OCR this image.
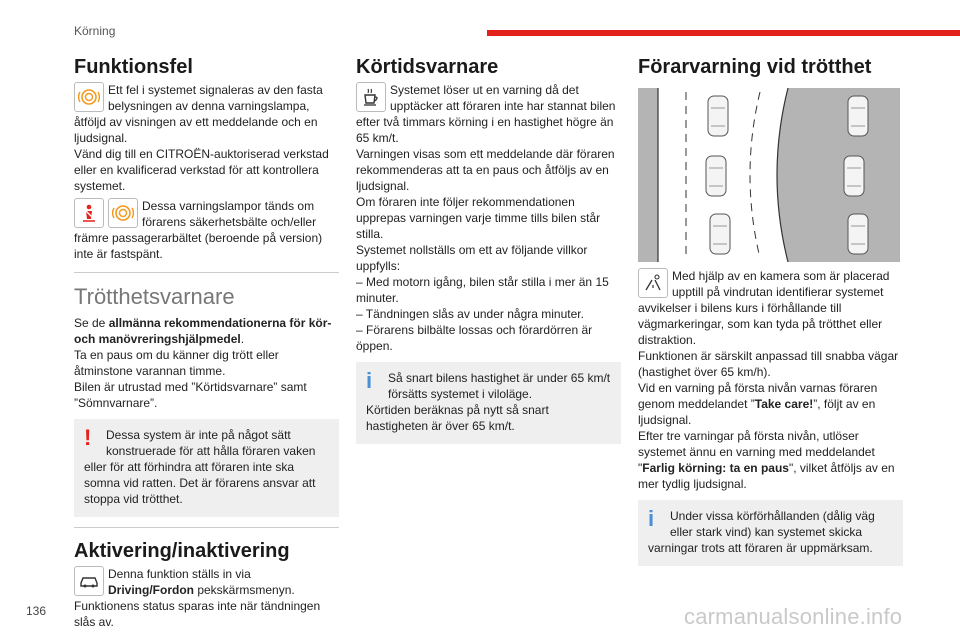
Körning
Funktionsfel

Ett fel i systemet signaleras av den fasta belysningen av denna varningslampa, åtföljd av visningen av ett meddelande och en ljudsignal.

Vänd dig till en CITROËN-auktoriserad verkstad eller en kvalificerad verkstad för att kontrollera systemet.

Dessa varningslampor tänds om förarens säkerhetsbälte och/eller främre passagerarbältet (beroende på version) inte är fastspänt.

Trötthetsvarnare

Se de allmänna rekommendationerna för kör- och manövreringshjälpmedel.

Ta en paus om du känner dig trött eller åtminstone varannan timme.

Bilen är utrustad med ”Körtidsvarnare” samt ”Sömnvarnare”.

!	Dessa system är inte på något sätt konstruerade för att hålla föraren vaken eller för att förhindra att föraren inte ska somna vid ratten. Det är förarens ansvar att stoppa vid trötthet.
Aktivering/inaktivering

Denna funktion ställs in via Driving/Fordon pekskärmsmenyn.

Funktionens status sparas inte när tändningen slås av.

Körtidsvarnare

Systemet löser ut en varning då det upptäcker att föraren inte har stannat bilen efter två timmars körning i en hastighet högre än 65 km/t.

Varningen visas som ett meddelande där föraren rekommenderas att ta en paus och åtföljs av en ljudsignal.

Om föraren inte följer rekommendationen upprepas varningen varje timme tills bilen står stilla.

Systemet nollställs om ett av följande villkor uppfylls:

– Med motorn igång, bilen står stilla i mer än 15 minuter.

– Tändningen slås av under några minuter.

– Förarens bilbälte lossas och förardörren är öppen.

i	Så snart bilens hastighet är under 65 km/t försätts systemet i viloläge.

Körtiden beräknas på nytt så snart hastigheten är över 65 km/t.

Förarvarning vid trötthet

Med hjälp av en kamera som är placerad upptill på vindrutan identifierar systemet avvikelser i bilens kurs i förhållande till vägmarkeringar, som kan tyda på trötthet eller distraktion.

Funktionen är särskilt anpassad till snabba vägar (hastighet över 65 km/h).

Vid en varning på första nivån varnas föraren genom meddelandet ”Take care!”, följt av en ljudsignal.

Efter tre varningar på första nivån, utlöser systemet ännu en varning med meddelandet "Farlig körning: ta en paus", vilket åtföljs av en mer tydlig ljudsignal.

i	Under vissa körförhållanden (dålig väg eller stark vind) kan systemet skicka varningar trots att föraren är uppmärksam.
136	carmanualsonline.info
